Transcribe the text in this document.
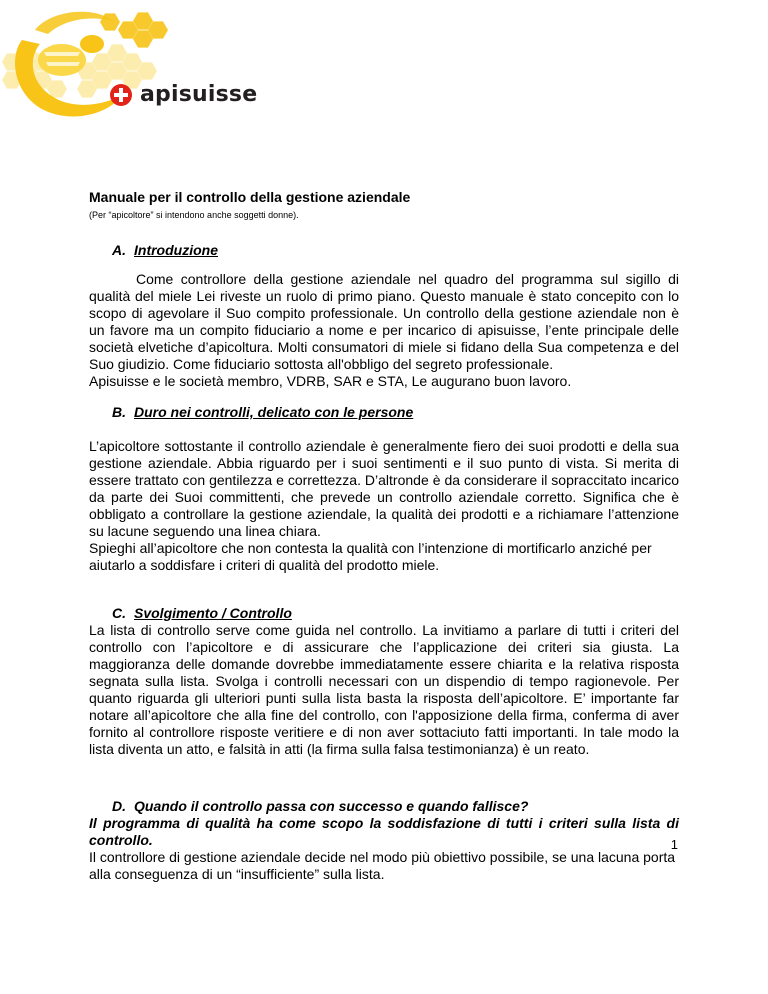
apisuisse

Manuale per il controllo della gestione aziendale

(Per “apicoltore” si intendono anche soggetti donne).

A. Introduzione

Come controllore della gestione aziendale nel quadro del programma sul sigillo di qualità del miele Lei riveste un ruolo di primo piano. Questo manuale è stato concepito con lo scopo di agevolare il Suo compito professionale. Un controllo della gestione aziendale non è un favore ma un compito fiduciario a nome e per incarico di apisuisse, l’ente principale delle società elvetiche d’apicoltura. Molti consumatori di miele si fidano della Sua competenza e del Suo giudizio. Come fiduciario sottosta all'obbligo del segreto professionale.

Apisuisse e le società membro, VDRB, SAR e STA, Le augurano buon lavoro.

B. Duro nei controlli, delicato con le persone

L’apicoltore sottostante il controllo aziendale è generalmente fiero dei suoi prodotti e della sua gestione aziendale. Abbia riguardo per i suoi sentimenti e il suo punto di vista. Si merita di essere trattato con gentilezza e correttezza. D’altronde è da considerare il sopraccitato incarico da parte dei Suoi committenti, che prevede un controllo aziendale corretto. Significa che è obbligato a controllare la gestione aziendale, la qualità dei prodotti e a richiamare l’attenzione su lacune seguendo una linea chiara.

Spieghi all’apicoltore che non contesta la qualità con l’intenzione di mortificarlo anziché per aiutarlo a soddisfare i criteri di qualità del prodotto miele.

C. Svolgimento / Controllo

La lista di controllo serve come guida nel controllo. La invitiamo a parlare di tutti i criteri del controllo con l’apicoltore e di assicurare che l’applicazione dei criteri sia giusta. La maggioranza delle domande dovrebbe immediatamente essere chiarita e la relativa risposta segnata sulla lista. Svolga i controlli necessari con un dispendio di tempo ragionevole. Per quanto riguarda gli ulteriori punti sulla lista basta la risposta dell’apicoltore. E’ importante far notare all’apicoltore che alla fine del controllo, con l'apposizione della firma, conferma di aver fornito al controllore risposte veritiere e di non aver sottaciuto fatti importanti. In tale modo la lista diventa un atto, e falsità in atti (la firma sulla falsa testimonianza) è un reato.

D. Quando il controllo passa con successo e quando fallisce?

Il programma di qualità ha come scopo la soddisfazione di tutti i criteri sulla lista di controllo.

Il controllore di gestione aziendale decide nel modo più obiettivo possibile, se una lacuna porta alla conseguenza di un “insufficiente” sulla lista.

1
